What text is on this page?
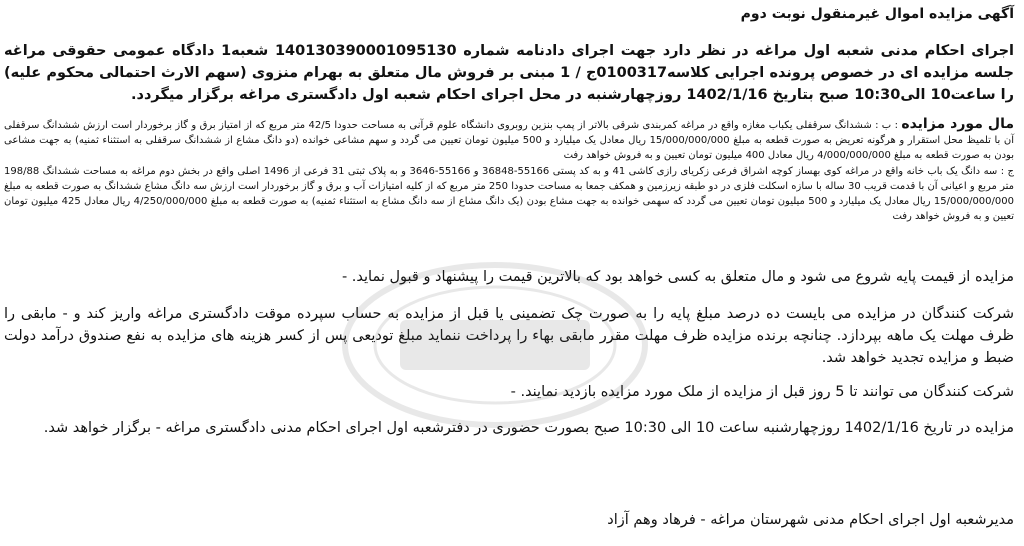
آگهی مزایده اموال غیرمنقول نوبت دوم
اجرای احکام مدنی شعبه اول مراغه در نظر دارد جهت اجرای دادنامه شماره 140130390001095130 شعبه1 دادگاه عمومی حقوقی مراغه جلسه مزایده ای در خصوص پرونده اجرایی کلاسه0100317ج / 1 مبنی بر فروش مال متعلق به بهرام منزوی (سهم الارث احتمالی محکوم علیه) را ساعت10 الی10:30 صبح بتاریخ 1402/1/16 روزچهارشنبه در محل اجرای احکام شعبه اول دادگستری مراغه برگزار میگردد.
مال مورد مزایده : ب : ششدانگ سرقفلی یکباب مغازه واقع در مراغه کمربندی شرقی بالاتر از پمپ بنزین روبروی دانشگاه علوم قرآنی به مساحت حدودا 42/5 متر مربع که از امتیاز برق و گاز برخوردار است ارزش ششدانگ سرقفلی آن با تلمیظ محل استقرار و هرگونه تعریض به صورت قطعه به مبلغ 15/000/000/000 ریال معادل یک میلیارد و 500 میلیون تومان تعیین می گردد و سهم مشاعی خوانده (دو دانگ مشاع از ششدانگ سرقفلی به استثناء ثمنیه) به جهت مشاعی بودن به صورت قطعه به مبلغ 4/000/000/000 ریال معادل 400 میلیون تومان تعیین و به فروش خواهد رفت
ج : سه دانگ یک باب خانه واقع در مراغه کوی بهساز کوچه اشراق فرعی زکریای رازی کاشی 41 و به کد پستی 55166-36848 و 55166-3646 و به پلاک ثبتی 31 فرعی از 1496 اصلی واقع در بخش دوم مراغه به مساحت ششدانگ 198/88 متر مربع و اعیانی آن با قدمت قریب 30 ساله با سازه اسکلت فلزی در دو طبقه زیرزمین و همکف جمعا به مساحت حدودا 250 متر مربع که از کلیه امتیازات آب و برق و گاز برخوردار است ارزش سه دانگ مشاع ششدانگ به صورت قطعه به مبلغ 15/000/000/000 ریال معادل یک میلیارد و 500 میلیون تومان تعیین می گردد که سهمی خوانده به جهت مشاع بودن (یک دانگ مشاع از سه دانگ مشاع به استثناء ثمنیه) به صورت قطعه به مبلغ 4/250/000/000 ریال معادل 425 میلیون تومان تعیین و به فروش خواهد رفت
مزایده از قیمت پایه شروع می شود و مال متعلق به کسی خواهد بود که بالاترین قیمت را پیشنهاد و قبول نماید. -
شرکت کنندگان در مزایده می بایست ده درصد مبلغ پایه را به صورت چک تضمینی یا قبل از مزایده به حساب سپرده موقت دادگستری مراغه واریز کند و - مابقی را ظرف مهلت یک ماهه بپردازد. چنانچه برنده مزایده ظرف مهلت مقرر مابقی بهاء را پرداخت ننماید مبلغ تودیعی پس از کسر هزینه های مزایده به نفع صندوق درآمد دولت ضبط و مزایده تجدید خواهد شد.
شرکت کنندگان می توانند تا 5 روز قبل از مزایده از ملک مورد مزایده بازدید نمایند. -
مزایده در تاریخ 1402/1/16 روزچهارشنبه ساعت 10 الی 10:30 صبح بصورت حضوری در دفترشعبه اول اجرای احکام مدنی دادگستری مراغه - برگزار خواهد شد.
مدیرشعبه اول اجرای احکام مدنی شهرستان مراغه - فرهاد وهم آزاد
